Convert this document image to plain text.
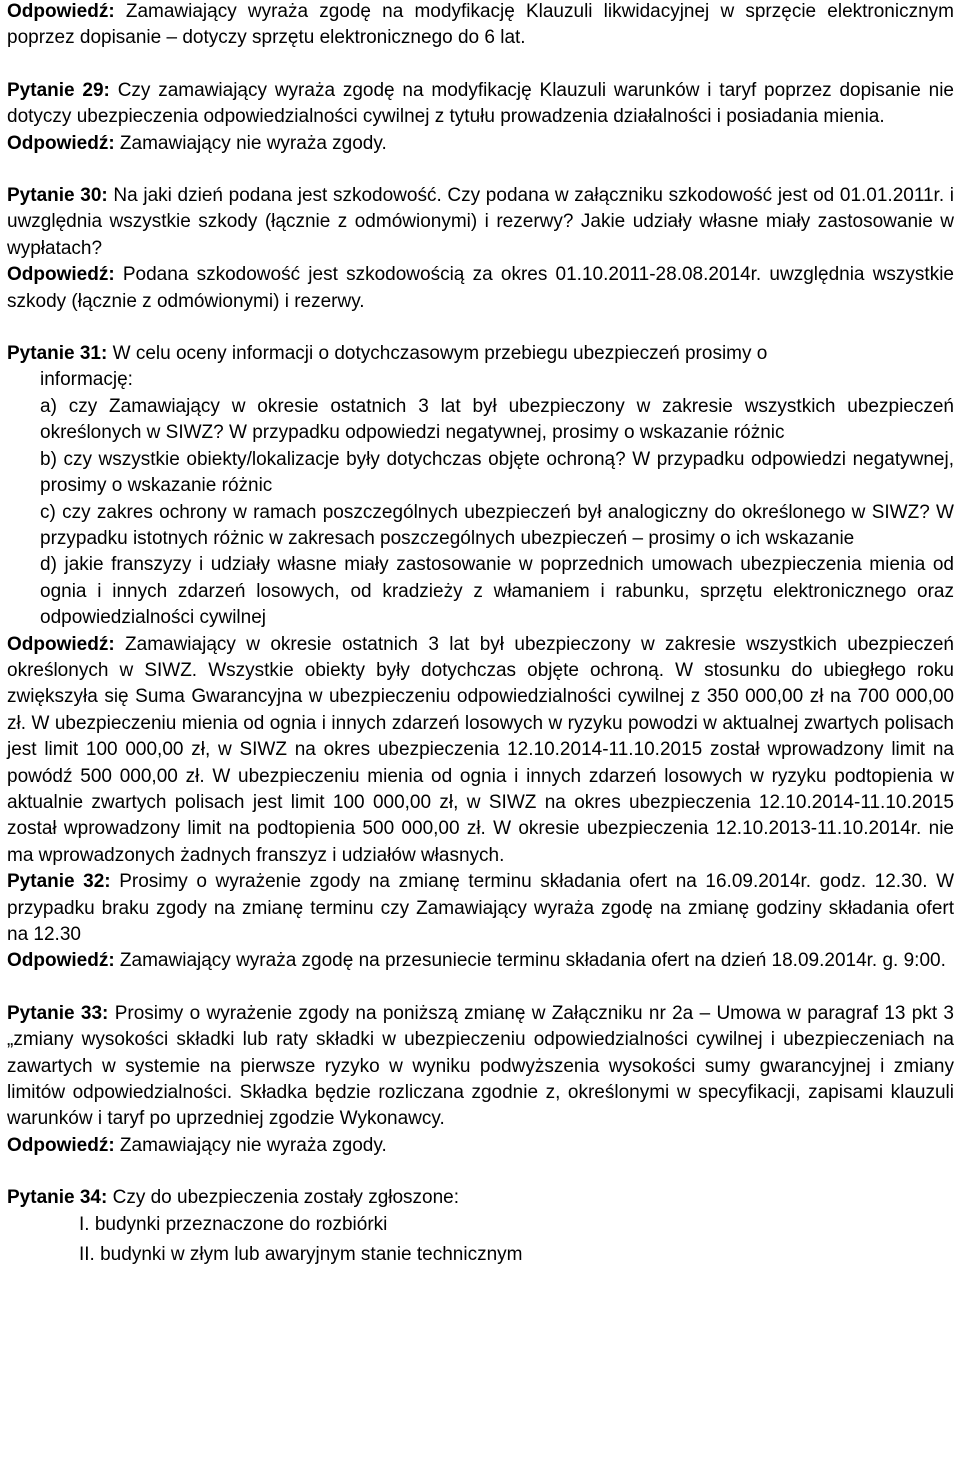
Odpowiedź: Zamawiający wyraża zgodę na modyfikację Klauzuli likwidacyjnej w sprzęcie elektronicznym poprzez dopisanie – dotyczy sprzętu elektronicznego do 6 lat.

Pytanie 29: Czy zamawiający wyraża zgodę na modyfikację Klauzuli warunków i taryf poprzez dopisanie nie dotyczy ubezpieczenia odpowiedzialności cywilnej z tytułu prowadzenia działalności i posiadania mienia.

Odpowiedź: Zamawiający nie wyraża zgody.

Pytanie 30: Na jaki dzień podana jest szkodowość. Czy podana w załączniku szkodowość jest od 01.01.2011r. i uwzględnia wszystkie szkody (łącznie z odmówionymi) i rezerwy? Jakie udziały własne miały zastosowanie w wypłatach?

Odpowiedź: Podana szkodowość jest szkodowością za okres 01.10.2011-28.08.2014r. uwzględnia wszystkie szkody (łącznie z odmówionymi) i rezerwy.

Pytanie 31: W celu oceny informacji o dotychczasowym przebiegu ubezpieczeń prosimy o

informację:

a) czy Zamawiający w okresie ostatnich 3 lat był ubezpieczony w zakresie wszystkich ubezpieczeń określonych w SIWZ? W przypadku odpowiedzi negatywnej, prosimy o wskazanie różnic

b) czy wszystkie obiekty/lokalizacje były dotychczas objęte ochroną? W przypadku odpowiedzi negatywnej, prosimy o wskazanie różnic

c) czy zakres ochrony w ramach poszczególnych ubezpieczeń był analogiczny do określonego w SIWZ? W przypadku istotnych różnic w zakresach poszczególnych ubezpieczeń – prosimy o ich wskazanie

d) jakie franszyzy i udziały własne miały zastosowanie w poprzednich umowach ubezpieczenia mienia od ognia i innych zdarzeń losowych, od kradzieży z włamaniem i rabunku, sprzętu elektronicznego oraz odpowiedzialności cywilnej

Odpowiedź: Zamawiający w okresie ostatnich 3 lat był ubezpieczony w zakresie wszystkich ubezpieczeń określonych w SIWZ. Wszystkie obiekty były dotychczas objęte ochroną. W stosunku do ubiegłego roku zwiększyła się Suma Gwarancyjna w ubezpieczeniu odpowiedzialności cywilnej z 350 000,00 zł na 700 000,00 zł. W ubezpieczeniu mienia od ognia i innych zdarzeń losowych w ryzyku powodzi w aktualnej zwartych polisach jest limit 100 000,00 zł, w SIWZ na okres ubezpieczenia 12.10.2014-11.10.2015 został wprowadzony limit na powódź 500 000,00 zł. W ubezpieczeniu mienia od ognia i innych zdarzeń losowych w ryzyku podtopienia w aktualnie zwartych polisach jest limit 100 000,00 zł, w SIWZ na okres ubezpieczenia 12.10.2014-11.10.2015 został wprowadzony limit na podtopienia 500 000,00 zł. W okresie ubezpieczenia 12.10.2013-11.10.2014r. nie ma wprowadzonych żadnych franszyz i udziałów własnych.

Pytanie 32: Prosimy o wyrażenie zgody na zmianę terminu składania ofert na 16.09.2014r. godz. 12.30. W przypadku braku zgody na zmianę terminu czy Zamawiający wyraża zgodę na zmianę godziny składania ofert na 12.30

Odpowiedź: Zamawiający wyraża zgodę na przesuniecie terminu składania ofert na dzień 18.09.2014r. g. 9:00.

Pytanie 33: Prosimy o wyrażenie zgody na poniższą zmianę w Załączniku nr 2a – Umowa w paragraf 13 pkt 3 „zmiany wysokości składki lub raty składki w ubezpieczeniu odpowiedzialności cywilnej i ubezpieczeniach na zawartych w systemie na pierwsze ryzyko w wyniku podwyższenia wysokości sumy gwarancyjnej i zmiany limitów odpowiedzialności. Składka będzie rozliczana zgodnie z, określonymi w specyfikacji, zapisami klauzuli warunków i taryf po uprzedniej zgodzie Wykonawcy.

Odpowiedź: Zamawiający nie wyraża zgody.

Pytanie 34: Czy do ubezpieczenia zostały zgłoszone:

I. budynki przeznaczone do rozbiórki

II. budynki w złym lub awaryjnym stanie technicznym
